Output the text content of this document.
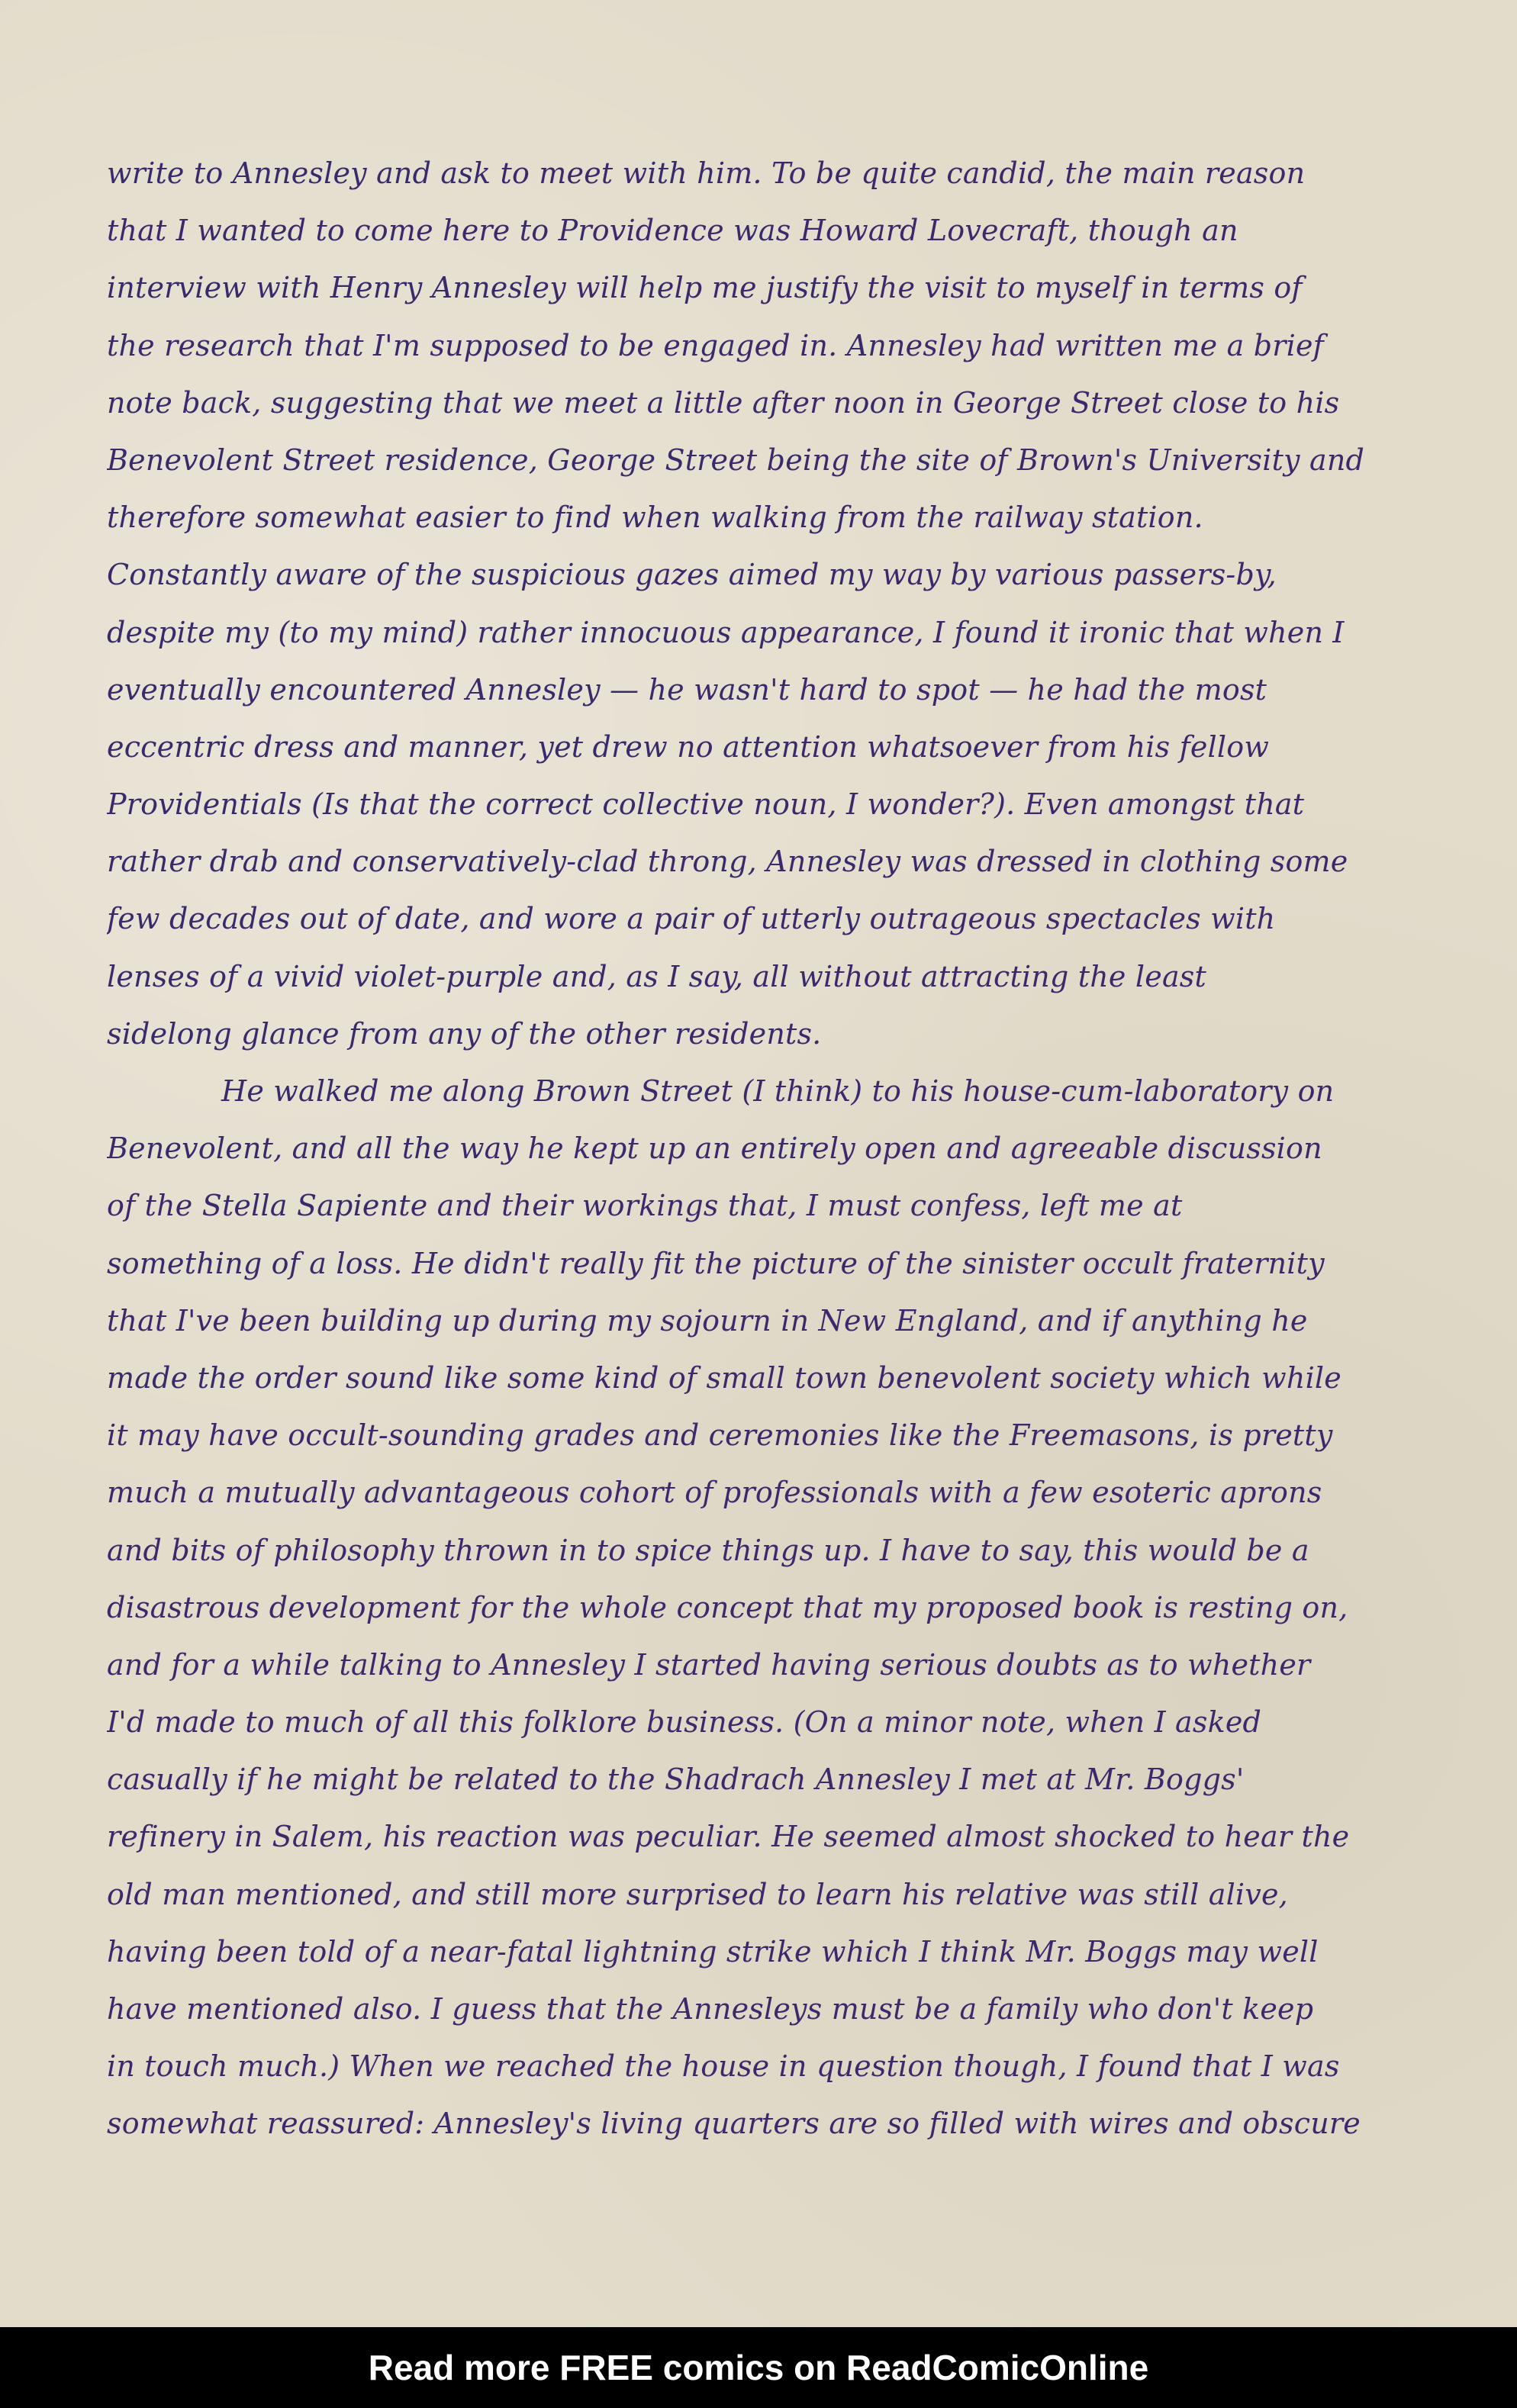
write to Annesley and ask to meet with him. To be quite candid, the main reason
that I wanted to come here to Providence was Howard Lovecraft, though an
interview with Henry Annesley will help me justify the visit to myself in terms of
the research that I'm supposed to be engaged in. Annesley had written me a brief
note back, suggesting that we meet a little after noon in George Street close to his
Benevolent Street residence, George Street being the site of Brown's University and
therefore somewhat easier to find when walking from the railway station.
Constantly aware of the suspicious gazes aimed my way by various passers-by,
despite my (to my mind) rather innocuous appearance, I found it ironic that when I
eventually encountered Annesley — he wasn't hard to spot — he had the most
eccentric dress and manner, yet drew no attention whatsoever from his fellow
Providentials (Is that the correct collective noun, I wonder?). Even amongst that
rather drab and conservatively-clad throng, Annesley was dressed in clothing some
few decades out of date, and wore a pair of utterly outrageous spectacles with
lenses of a vivid violet-purple and, as I say, all without attracting the least
sidelong glance from any of the other residents.
He walked me along Brown Street (I think) to his house-cum-laboratory on
Benevolent, and all the way he kept up an entirely open and agreeable discussion
of the Stella Sapiente and their workings that, I must confess, left me at
something of a loss. He didn't really fit the picture of the sinister occult fraternity
that I've been building up during my sojourn in New England, and if anything he
made the order sound like some kind of small town benevolent society which while
it may have occult-sounding grades and ceremonies like the Freemasons, is pretty
much a mutually advantageous cohort of professionals with a few esoteric aprons
and bits of philosophy thrown in to spice things up. I have to say, this would be a
disastrous development for the whole concept that my proposed book is resting on,
and for a while talking to Annesley I started having serious doubts as to whether
I'd made to much of all this folklore business. (On a minor note, when I asked
casually if he might be related to the Shadrach Annesley I met at Mr. Boggs'
refinery in Salem, his reaction was peculiar. He seemed almost shocked to hear the
old man mentioned, and still more surprised to learn his relative was still alive,
having been told of a near-fatal lightning strike which I think Mr. Boggs may well
have mentioned also. I guess that the Annesleys must be a family who don't keep
in touch much.) When we reached the house in question though, I found that I was
somewhat reassured: Annesley's living quarters are so filled with wires and obscure
Read more FREE comics on ReadComicOnline
